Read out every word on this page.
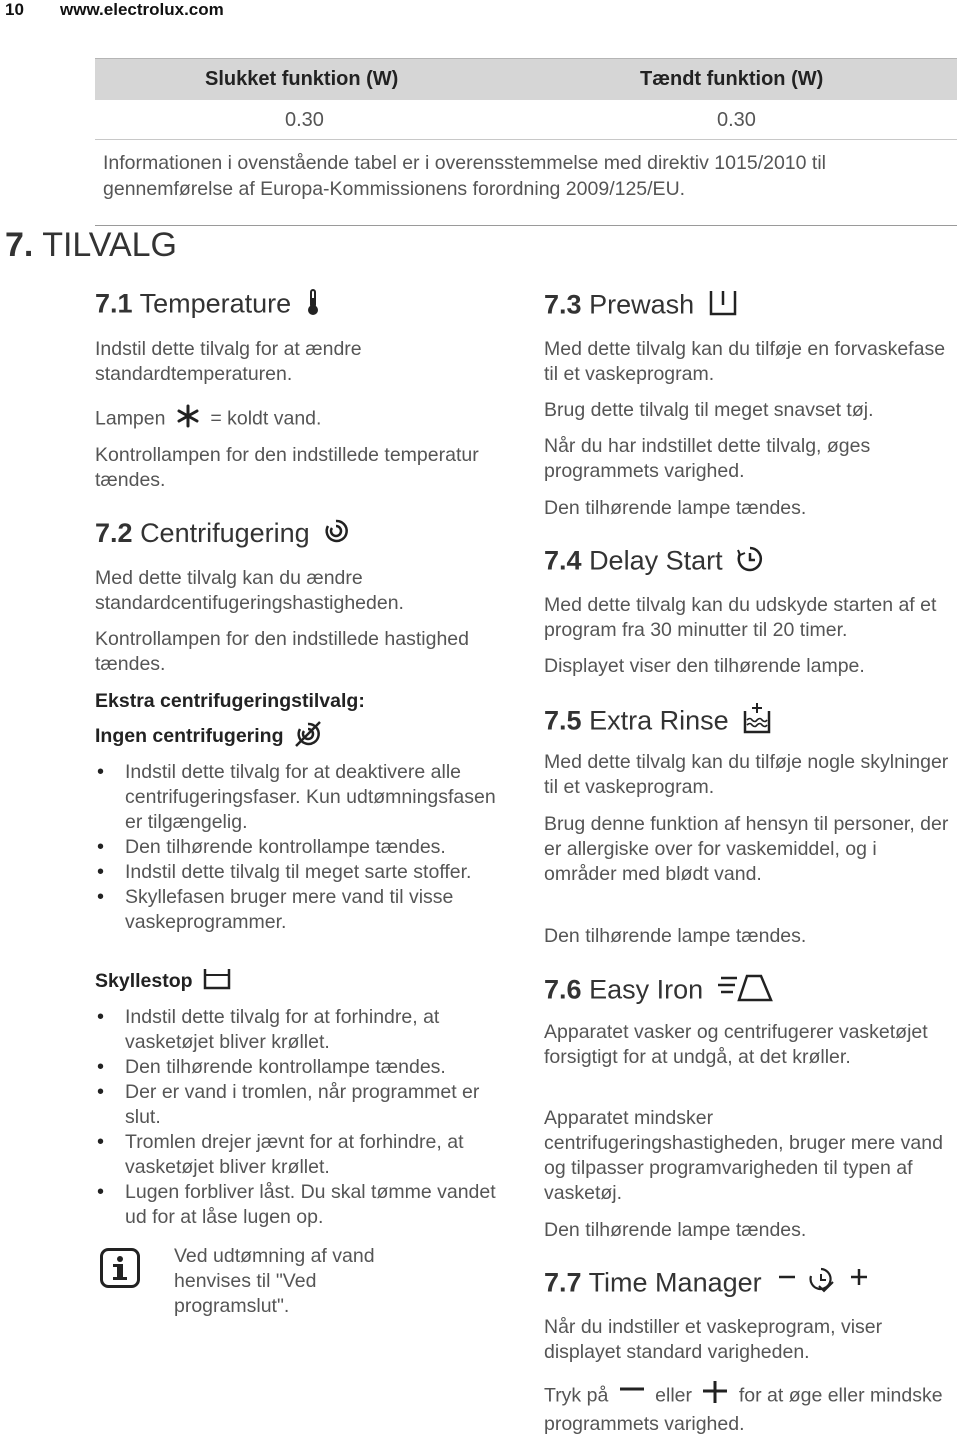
10 www.electrolux.com
Slukket funktion (W)	Tændt funktion (W)
0.30	0.30
Informationen i ovenstående tabel er i overensstemmelse med direktiv 1015/2010 til gennemførelse af Europa-Kommissionens forordning 2009/125/EU.
7. TILVALG
7.1 Temperature
Indstil dette tilvalg for at ændre standardtemperaturen.
Lampen = koldt vand.
Kontrollampen for den indstillede temperatur tændes.
7.2 Centrifugering
Med dette tilvalg kan du ændre standardcentifugeringshastigheden.
Kontrollampen for den indstillede hastighed tændes.
Ekstra centrifugeringstilvalg:
Ingen centrifugering
• Indstil dette tilvalg for at deaktivere alle centrifugeringsfaser. Kun udtømningsfasen er tilgængelig.
• Den tilhørende kontrollampe tændes.
• Indstil dette tilvalg til meget sarte stoffer.
• Skyllefasen bruger mere vand til visse vaskeprogrammer.
Skyllestop
• Indstil dette tilvalg for at forhindre, at vasketøjet bliver krøllet.
• Den tilhørende kontrollampe tændes.
• Der er vand i tromlen, når programmet er slut.
• Tromlen drejer jævnt for at forhindre, at vasketøjet bliver krøllet.
• Lugen forbliver låst. Du skal tømme vandet ud for at låse lugen op.
Ved udtømning af vand henvises til "Ved programslut".
7.3 Prewash
Med dette tilvalg kan du tilføje en forvaskefase til et vaskeprogram.
Brug dette tilvalg til meget snavset tøj.
Når du har indstillet dette tilvalg, øges programmets varighed.
Den tilhørende lampe tændes.
7.4 Delay Start
Med dette tilvalg kan du udskyde starten af et program fra 30 minutter til 20 timer.
Displayet viser den tilhørende lampe.
7.5 Extra Rinse
Med dette tilvalg kan du tilføje nogle skylninger til et vaskeprogram.
Brug denne funktion af hensyn til personer, der er allergiske over for vaskemiddel, og i områder med blødt vand.
Den tilhørende lampe tændes.
7.6 Easy Iron
Apparatet vasker og centrifugerer vasketøjet forsigtigt for at undgå, at det krøller.
Apparatet mindsker centrifugeringshastigheden, bruger mere vand og tilpasser programvarigheden til typen af vasketøj.
Den tilhørende lampe tændes.
7.7 Time Manager
Når du indstiller et vaskeprogram, viser displayet standard varigheden.
Tryk på eller for at øge eller mindske programmets varighed.
